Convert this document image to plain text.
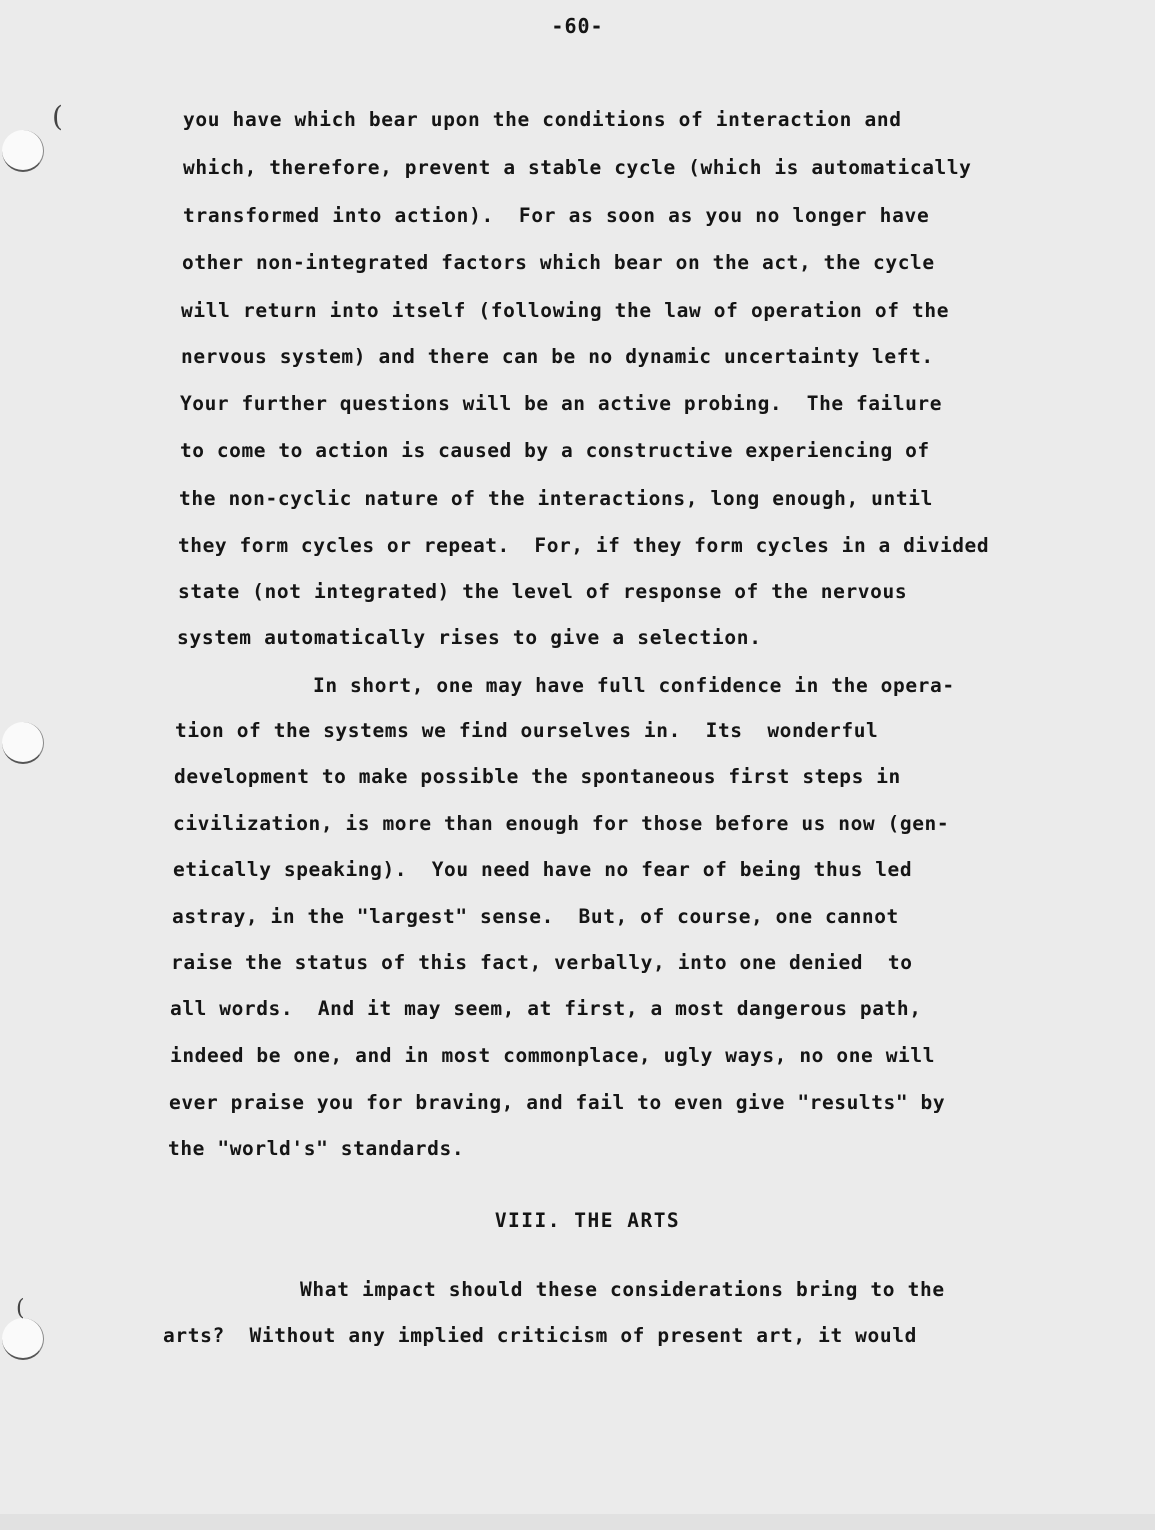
(
(
-60-
you have which bear upon the conditions of interaction and
which, therefore, prevent a stable cycle (which is automatically
transformed into action).  For as soon as you no longer have
other non-integrated factors which bear on the act, the cycle
will return into itself (following the law of operation of the
nervous system) and there can be no dynamic uncertainty left.
Your further questions will be an active probing.  The failure
to come to action is caused by a constructive experiencing of
the non-cyclic nature of the interactions, long enough, until
they form cycles or repeat.  For, if they form cycles in a divided
state (not integrated) the level of response of the nervous
system automatically rises to give a selection.
In short, one may have full confidence in the opera-
tion of the systems we find ourselves in.  Its  wonderful
development to make possible the spontaneous first steps in
civilization, is more than enough for those before us now (gen-
etically speaking).  You need have no fear of being thus led
astray, in the "largest" sense.  But, of course, one cannot
raise the status of this fact, verbally, into one denied  to
all words.  And it may seem, at first, a most dangerous path,
indeed be one, and in most commonplace, ugly ways, no one will
ever praise you for braving, and fail to even give "results" by
the "world's" standards.
VIII. THE ARTS
What impact should these considerations bring to the
arts?  Without any implied criticism of present art, it would
